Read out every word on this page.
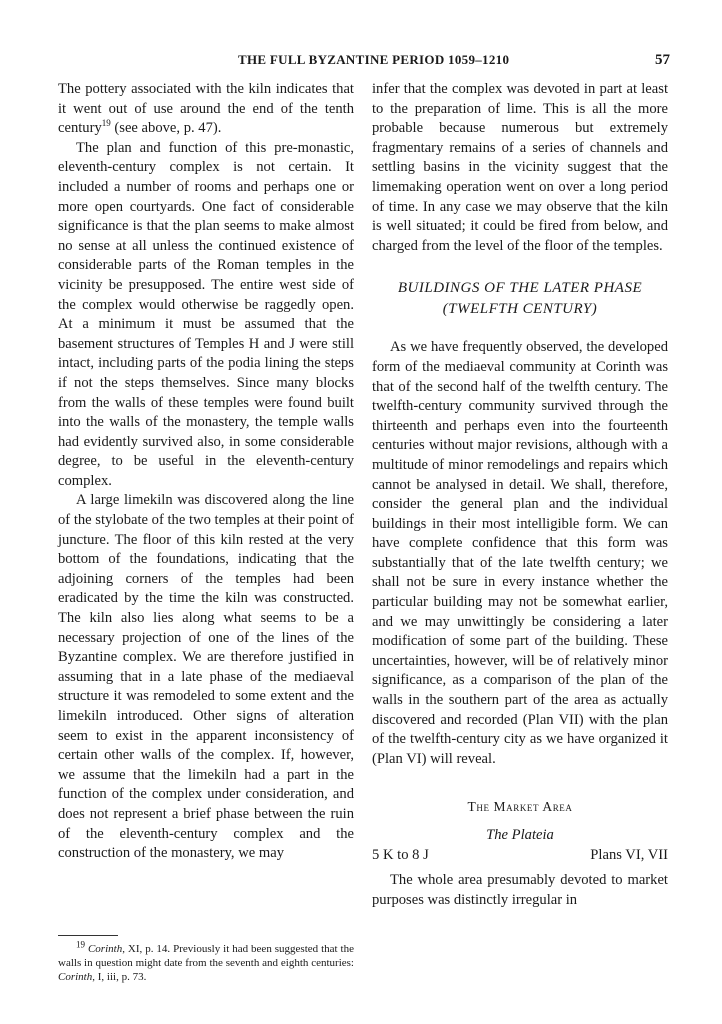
THE FULL BYZANTINE PERIOD 1059–1210	57

The pottery associated with the kiln indicates that it went out of use around the end of the tenth century$^{19}$ (see above, p. 47).

The plan and function of this pre-monastic, eleventh-century complex is not certain. It included a number of rooms and perhaps one or more open courtyards. One fact of considerable significance is that the plan seems to make almost no sense at all unless the continued existence of considerable parts of the Roman temples in the vicinity be presupposed. The entire west side of the complex would otherwise be raggedly open. At a minimum it must be assumed that the basement structures of Temples H and J were still intact, including parts of the podia lining the steps if not the steps themselves. Since many blocks from the walls of these temples were found built into the walls of the monastery, the temple walls had evidently survived also, in some considerable degree, to be useful in the eleventh-century complex.

A large limekiln was discovered along the line of the stylobate of the two temples at their point of juncture. The floor of this kiln rested at the very bottom of the foundations, indicating that the adjoining corners of the temples had been eradicated by the time the kiln was constructed. The kiln also lies along what seems to be a necessary projection of one of the lines of the Byzantine complex. We are therefore justified in assuming that in a late phase of the mediaeval structure it was remodeled to some extent and the limekiln introduced. Other signs of alteration seem to exist in the apparent inconsistency of certain other walls of the complex. If, however, we assume that the limekiln had a part in the function of the complex under consideration, and does not represent a brief phase between the ruin of the eleventh-century complex and the construction of the monastery, we may

infer that the complex was devoted in part at least to the preparation of lime. This is all the more probable because numerous but extremely fragmentary remains of a series of channels and settling basins in the vicinity suggest that the limemaking operation went on over a long period of time. In any case we may observe that the kiln is well situated; it could be fired from below, and charged from the level of the floor of the temples.

BUILDINGS OF THE LATER PHASE
(TWELFTH CENTURY)

As we have frequently observed, the developed form of the mediaeval community at Corinth was that of the second half of the twelfth century. The twelfth-century community survived through the thirteenth and perhaps even into the fourteenth centuries without major revisions, although with a multitude of minor remodelings and repairs which cannot be analysed in detail. We shall, therefore, consider the general plan and the individual buildings in their most intelligible form. We can have complete confidence that this form was substantially that of the late twelfth century; we shall not be sure in every instance whether the particular building may not be somewhat earlier, and we may unwittingly be considering a later modification of some part of the building. These uncertainties, however, will be of relatively minor significance, as a comparison of the plan of the walls in the southern part of the area as actually discovered and recorded (Plan VII) with the plan of the twelfth-century city as we have organized it (Plan VI) will reveal.

The Market Area
The Plateia
5 K to 8 J	Plans VI, VII

The whole area presumably devoted to market purposes was distinctly irregular in

$^{19}$ Corinth, XI, p. 14. Previously it had been suggested that the walls in question might date from the seventh and eighth centuries: Corinth, I, iii, p. 73.
